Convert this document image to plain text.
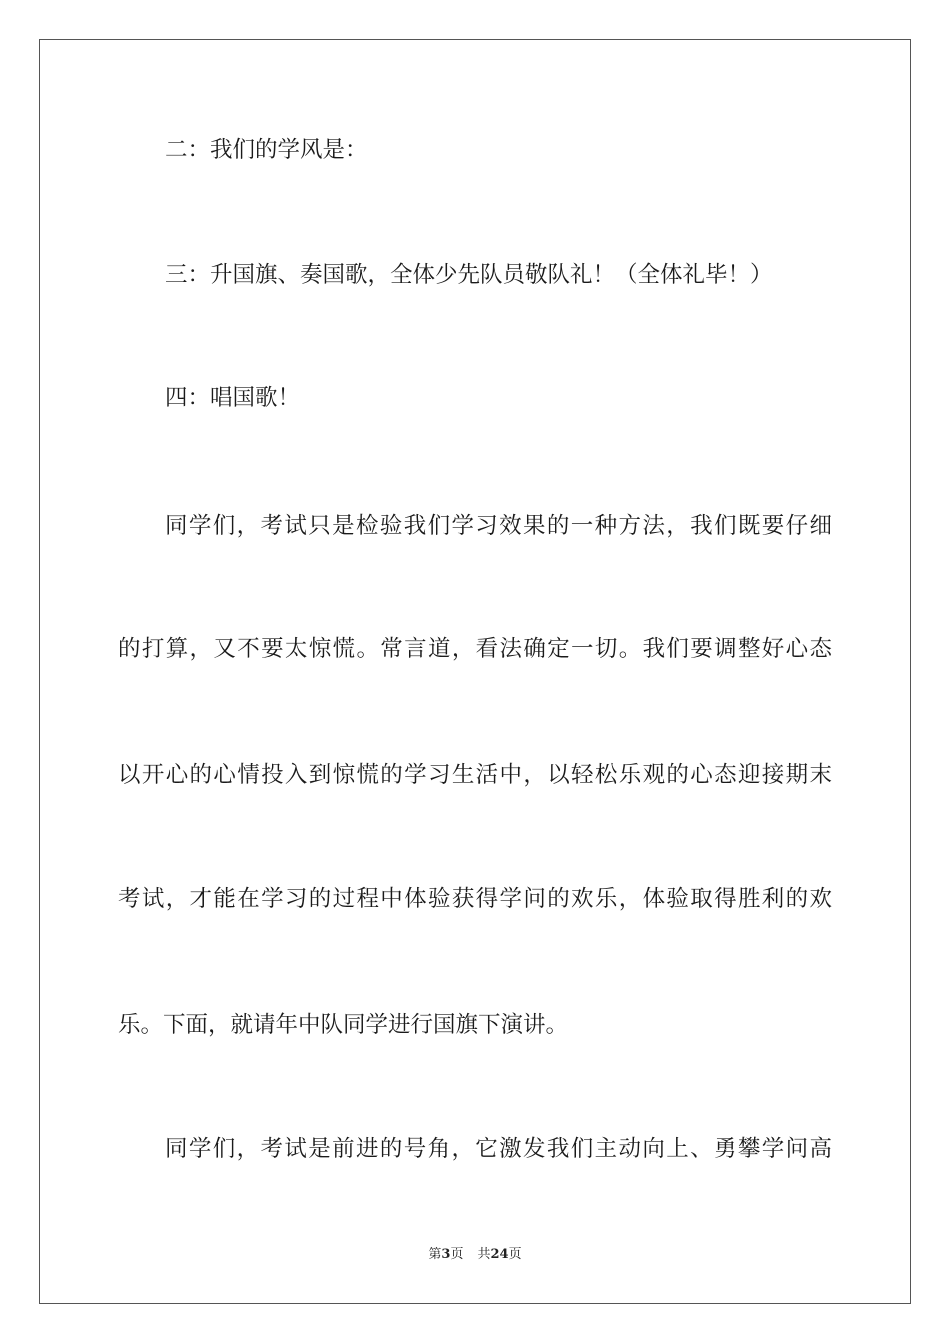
二：我们的学风是：

三：升国旗、奏国歌，全体少先队员敬队礼！（全体礼毕！）

四：唱国歌！

同学们，考试只是检验我们学习效果的一种方法，我们既要仔细

的打算，又不要太惊慌。常言道，看法确定一切。我们要调整好心态

以开心的心情投入到惊慌的学习生活中，以轻松乐观的心态迎接期末

考试，才能在学习的过程中体验获得学问的欢乐，体验取得胜利的欢

乐。下面，就请年中队同学进行国旗下演讲。

同学们，考试是前进的号角，它激发我们主动向上、勇攀学问高

第3页 共24页
